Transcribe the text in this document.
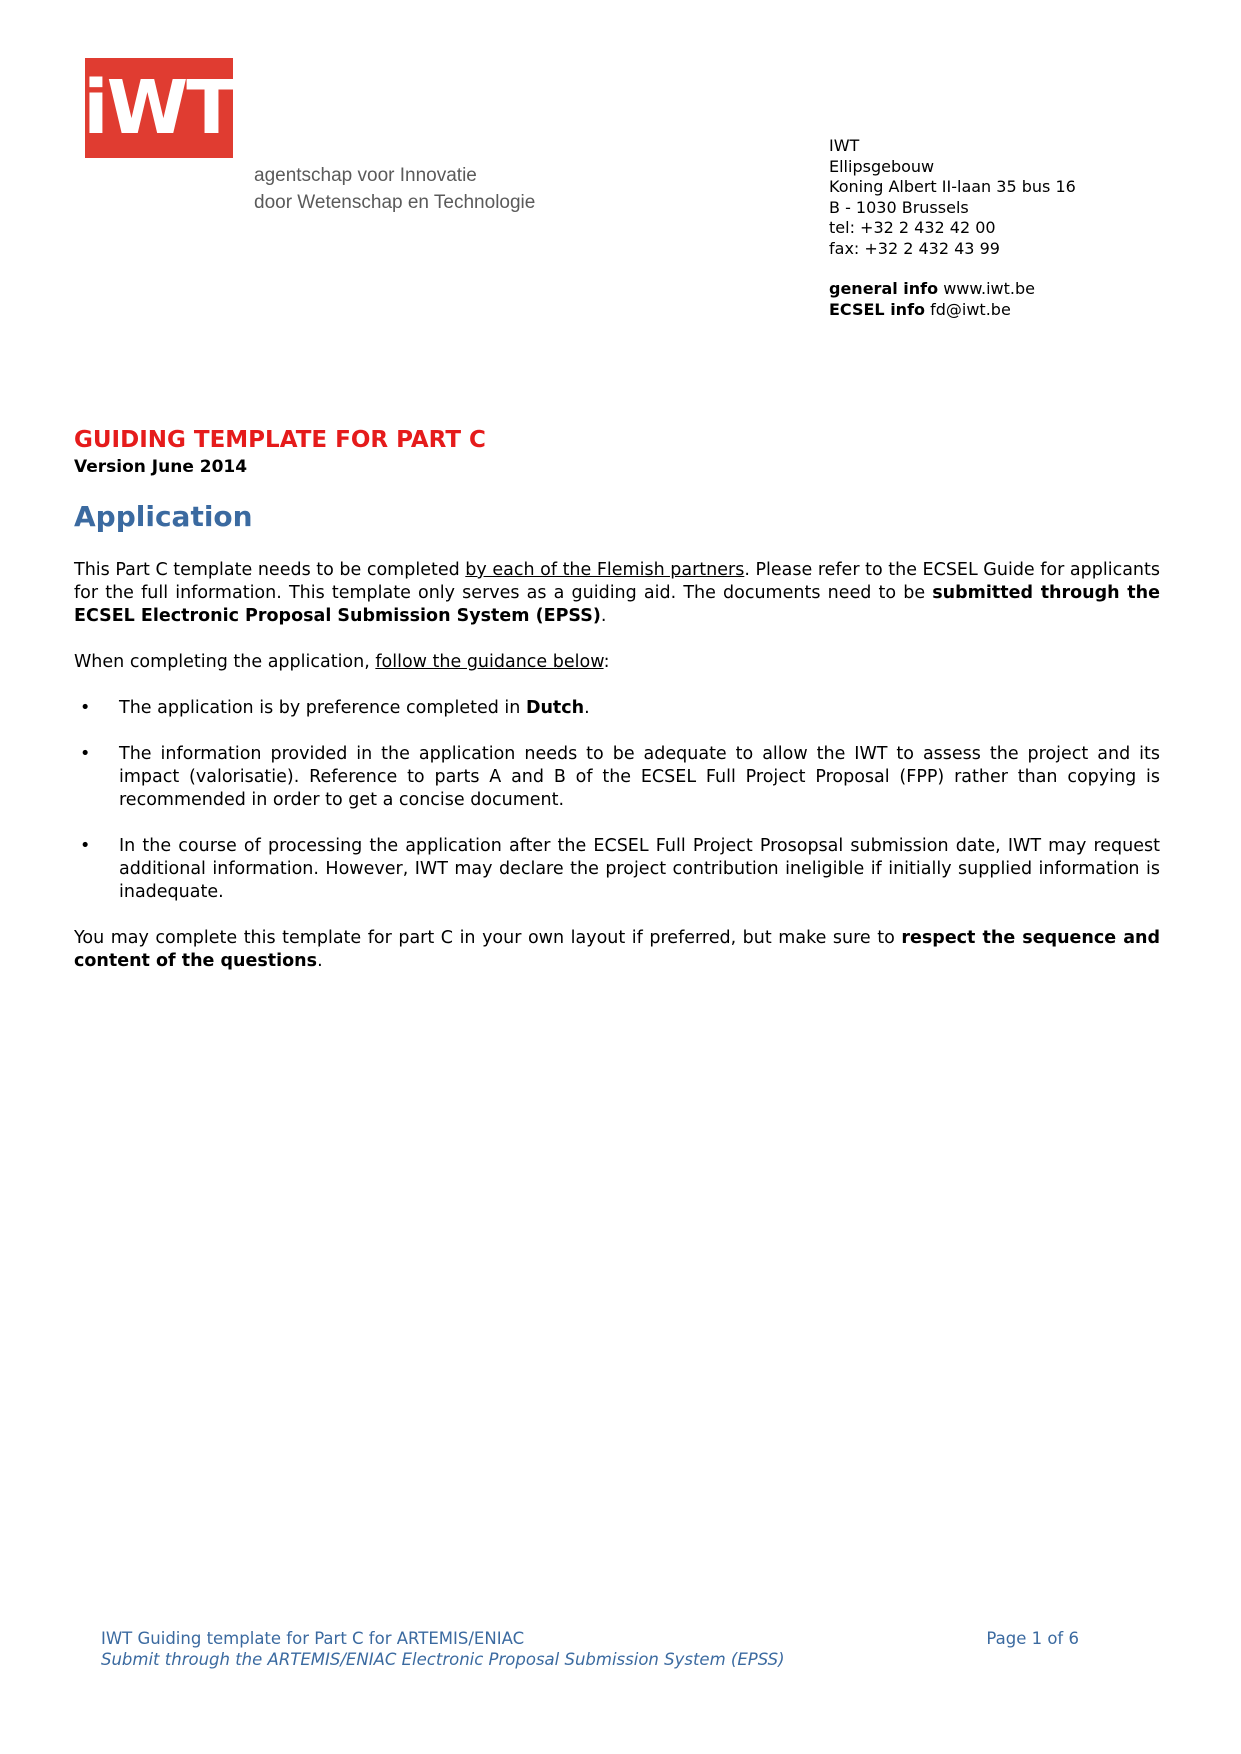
iWT
agentschap voor Innovatie
door Wetenschap en Technologie
IWT
Ellipsgebouw
Koning Albert II-laan 35 bus 16
B - 1030 Brussels
tel: +32 2 432 42 00
fax: +32 2 432 43 99
general info www.iwt.be
ECSEL info fd@iwt.be
GUIDING TEMPLATE FOR PART C
Version June 2014
Application

This Part C template needs to be completed by each of the Flemish partners. Please refer to the ECSEL Guide for applicants for the full information. This template only serves as a guiding aid. The documents need to be submitted through the ECSEL Electronic Proposal Submission System (EPSS).

When completing the application, follow the guidance below:

• The application is by preference completed in Dutch.
• The information provided in the application needs to be adequate to allow the IWT to assess the project and its impact (valorisatie). Reference to parts A and B of the ECSEL Full Project Proposal (FPP) rather than copying is recommended in order to get a concise document.
• In the course of processing the application after the ECSEL Full Project Prosopsal submission date, IWT may request additional information. However, IWT may declare the project contribution ineligible if initially supplied information is inadequate.

You may complete this template for part C in your own layout if preferred, but make sure to respect the sequence and content of the questions.

IWT Guiding template for Part C for ARTEMIS/ENIAC	Page 1 of 6
Submit through the ARTEMIS/ENIAC Electronic Proposal Submission System (EPSS)
